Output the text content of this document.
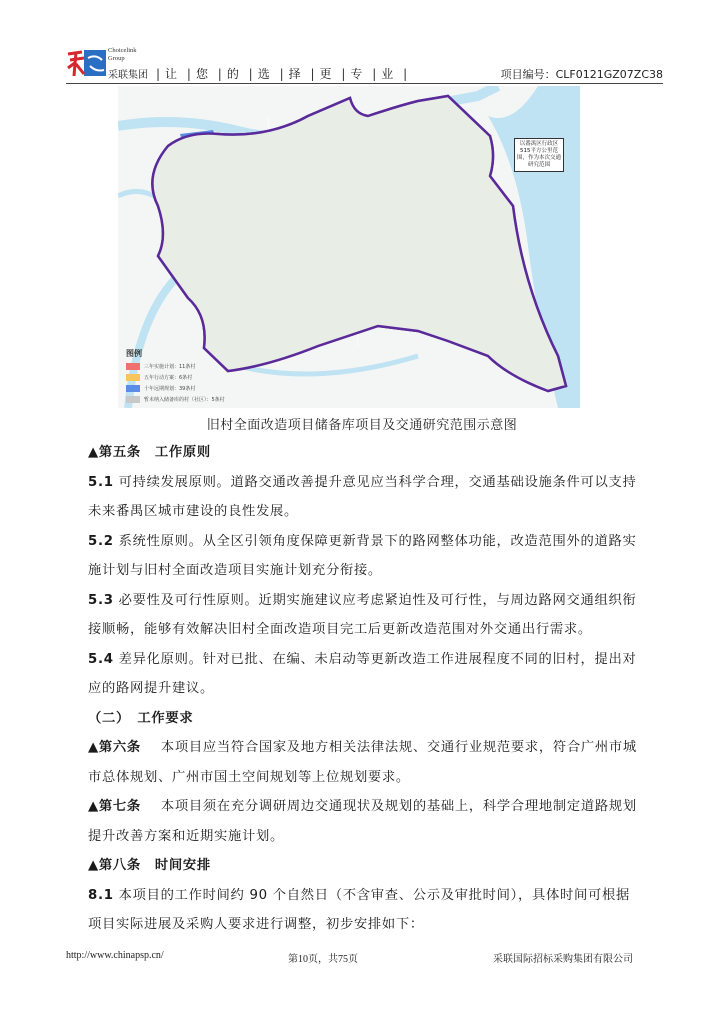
Choicelink
Group
采联集团 | 让 | 您 | 的 | 选 | 择 | 更 | 专 | 业 |	项目编号：CLF0121GZ07ZC38
以番禺区行政区515平方公里范围，作为本次交通研究范围
图例
三年实施计划：11条村
五年行动方案：6条村
十年远期规划：39条村
暂未纳入储备库的村（社区）：5条村
旧村全面改造项目储备库项目及交通研究范围示意图
▲第五条　工作原则
5.1 可持续发展原则。道路交通改善提升意见应当科学合理，交通基础设施条件可以支持
未来番禺区城市建设的良性发展。
5.2 系统性原则。从全区引领角度保障更新背景下的路网整体功能，改造范围外的道路实
施计划与旧村全面改造项目实施计划充分衔接。
5.3 必要性及可行性原则。近期实施建议应考虑紧迫性及可行性，与周边路网交通组织衔
接顺畅，能够有效解决旧村全面改造项目完工后更新改造范围对外交通出行需求。
5.4 差异化原则。针对已批、在编、未启动等更新改造工作进展程度不同的旧村，提出对
应的路网提升建议。
（二）　工作要求
▲第六条 本项目应当符合国家及地方相关法律法规、交通行业规范要求，符合广州市城
市总体规划、广州市国土空间规划等上位规划要求。
▲第七条 本项目须在充分调研周边交通现状及规划的基础上，科学合理地制定道路规划
提升改善方案和近期实施计划。
▲第八条　时间安排
8.1 本项目的工作时间约 90 个自然日（不含审查、公示及审批时间），具体时间可根据
项目实际进展及采购人要求进行调整，初步安排如下：
http://www.chinapsp.cn/	第10页，共75页	采联国际招标采购集团有限公司
